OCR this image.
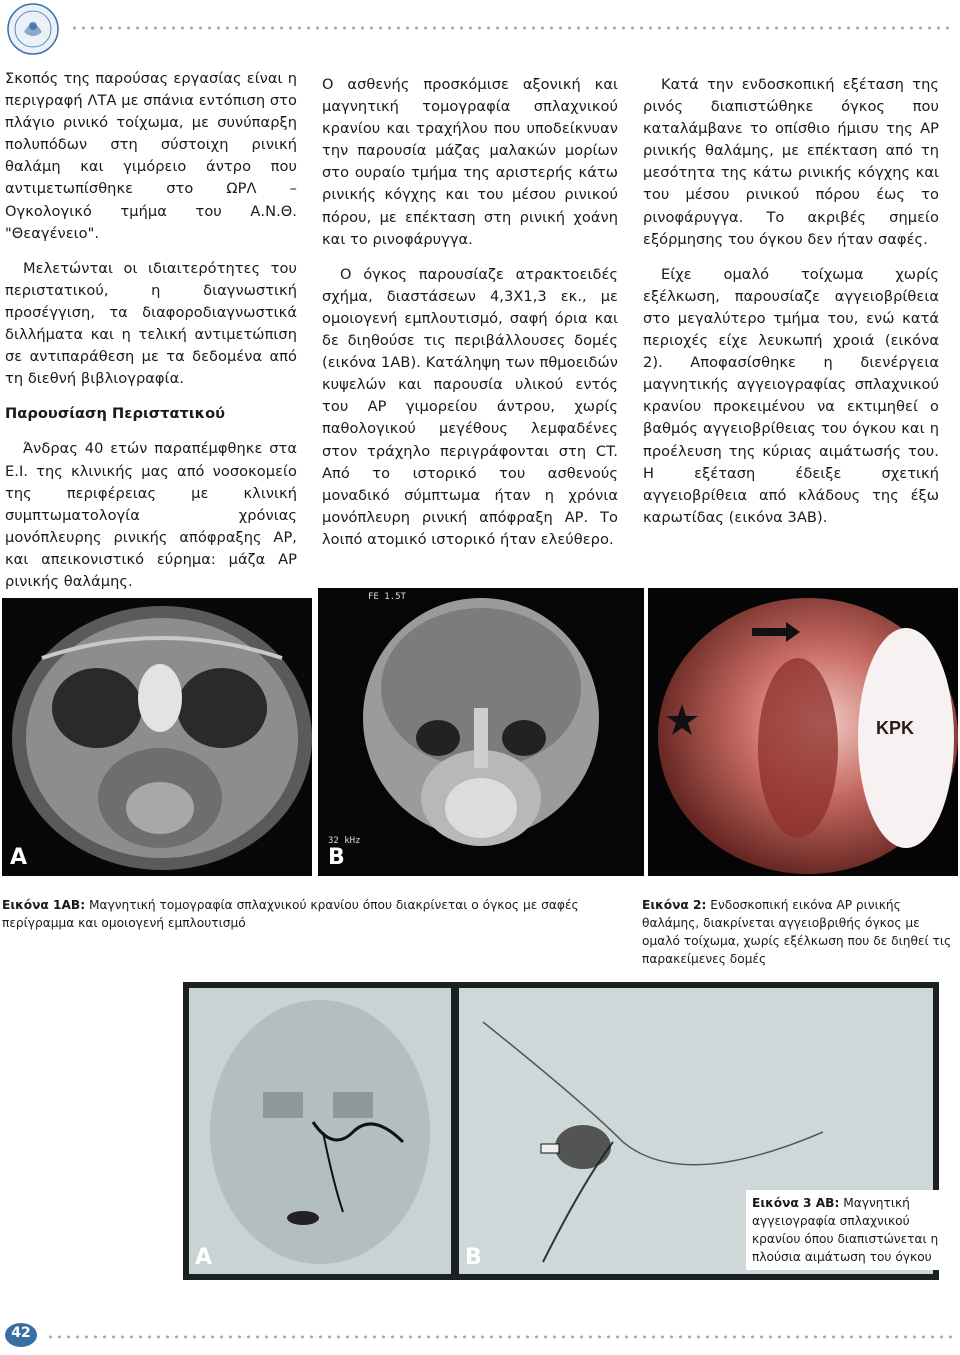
Σκοπός της παρούσας εργασίας είναι η περιγραφή ΛΤΑ με σπάνια εντόπιση στο πλάγιο ρινικό τοίχωμα, με συνύπαρξη πολυπόδων στη σύστοιχη ρινική θαλάμη και γιμόρειο άντρο που αντιμετωπίσθηκε στο ΩΡΛ – Ογκολογικό τμήμα του Α.Ν.Θ. "Θεαγένειο".

Μελετώνται οι ιδιαιτερότητες του περιστατικού, η διαγνωστική προσέγγιση, τα διαφοροδιαγνωστικά διλλήματα και η τελική αντιμετώπιση σε αντιπαράθεση με τα δεδομένα από τη διεθνή βιβλιογραφία.

Παρουσίαση Περιστατικού

Άνδρας 40 ετών παραπέμφθηκε στα Ε.Ι. της κλινικής μας από νοσοκομείο της περιφέρειας με κλινική συμπτωματολογία χρόνιας μονόπλευρης ρινικής απόφραξης ΑΡ, και απεικονιστικό εύρημα: μάζα ΑΡ ρινικής θαλάμης.

Ο ασθενής προσκόμισε αξονική και μαγνητική τομογραφία σπλαχνικού κρανίου και τραχήλου που υποδείκνυαν την παρουσία μάζας μαλακών μορίων στο ουραίο τμήμα της αριστερής κάτω ρινικής κόγχης και του μέσου ρινικού πόρου, με επέκταση στη ρινική χοάνη και το ρινοφάρυγγα.

Ο όγκος παρουσίαζε ατρακτοειδές σχήμα, διαστάσεων 4,3Χ1,3 εκ., με ομοιογενή εμπλουτισμό, σαφή όρια και δε διηθούσε τις περιβάλλουσες δομές (εικόνα 1ΑΒ). Κατάληψη των πθμοειδών κυψελών και παρουσία υλικού εντός του ΑΡ γιμορείου άντρου, χωρίς παθολογικού μεγέθους λεμφαδένες στον τράχηλο περιγράφονται στη CT. Από το ιστορικό του ασθενούς μοναδικό σύμπτωμα ήταν η χρόνια μονόπλευρη ρινική απόφραξη ΑΡ. Το λοιπό ατομικό ιστορικό ήταν ελεύθερο.

Κατά την ενδοσκοπική εξέταση της ρινός διαπιστώθηκε όγκος που καταλάμβανε το οπίσθιο ήμισυ της ΑΡ ρινικής θαλάμης, με επέκταση από τη μεσότητα της κάτω ρινικής κόγχης και του μέσου ρινικού πόρου έως το ρινοφάρυγγα. Το ακριβές σημείο εξόρμησης του όγκου δεν ήταν σαφές.

Είχε ομαλό τοίχωμα χωρίς εξέλκωση, παρουσίαζε αγγειοβρίθεια στο μεγαλύτερο τμήμα του, ενώ κατά περιοχές είχε λευκωπή χροιά (εικόνα 2). Αποφασίσθηκε η διενέργεια μαγνητικής αγγειογραφίας σπλαχνικού κρανίου προκειμένου να εκτιμηθεί ο βαθμός αγγειοβρίθειας του όγκου και η προέλευση της κύριας αιμάτωσής του. Η εξέταση έδειξε σχετική αγγειοβρίθεια από κλάδους της έξω καρωτίδας (εικόνα 3ΑΒ).

A
FE 1.5T
32 kHz
B
ΚΡΚ
Εικόνα 1ΑΒ: Μαγνητική τομογραφία σπλαχνικού κρανίου όπου διακρίνεται ο όγκος με σαφές περίγραμμα και ομοιογενή εμπλουτισμό
Εικόνα 2: Ενδοσκοπική εικόνα ΑΡ ρινικής θαλάμης, διακρίνεται αγγειοβριθής όγκος με ομαλό τοίχωμα, χωρίς εξέλκωση που δε διηθεί τις παρακείμενες δομές
A	B
Εικόνα 3 ΑΒ: Μαγνητική αγγειογραφία σπλαχνικού κρανίου όπου διαπιστώνεται η πλούσια αιμάτωση του όγκου
42
